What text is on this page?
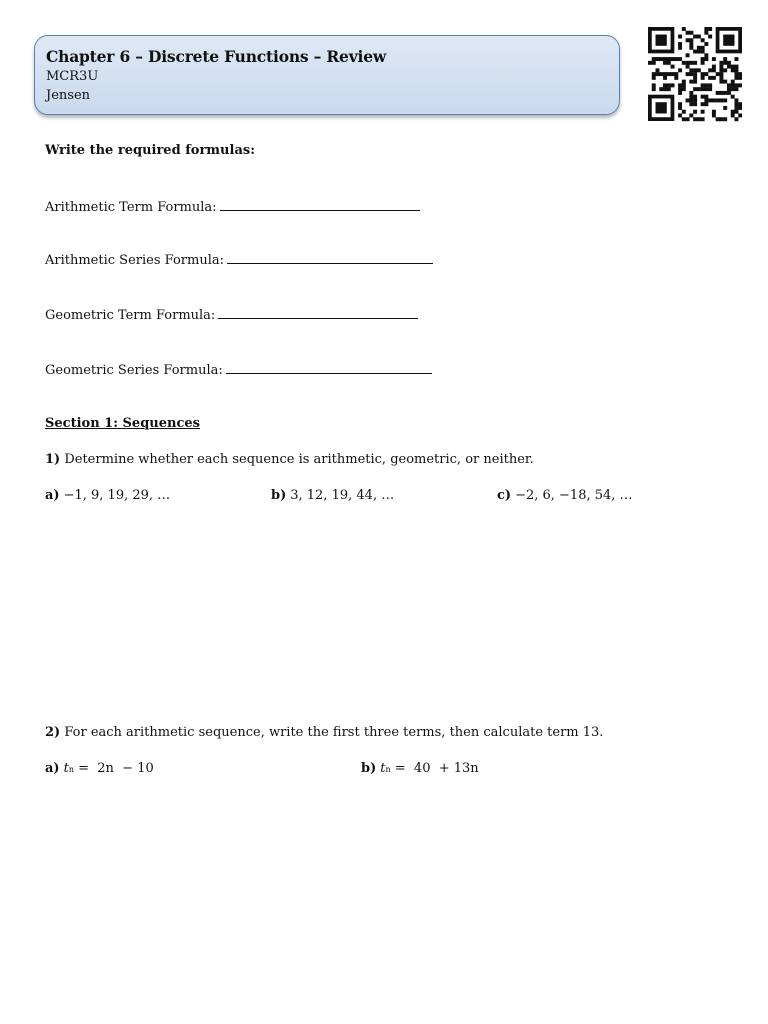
Chapter 6 – Discrete Functions – Review
MCR3U
Jensen
Write the required formulas:
Arithmetic Term Formula:
Arithmetic Series Formula:
Geometric Term Formula:
Geometric Series Formula:
Section 1: Sequences
1) Determine whether each sequence is arithmetic, geometric, or neither.
a) −1, 9, 19, 29, …	b) 3, 12, 19, 44, …	c) −2, 6, −18, 54, …
2) For each arithmetic sequence, write the first three terms, then calculate term 13.
a) tn =  2n  − 10	b) tn =  40  + 13n
